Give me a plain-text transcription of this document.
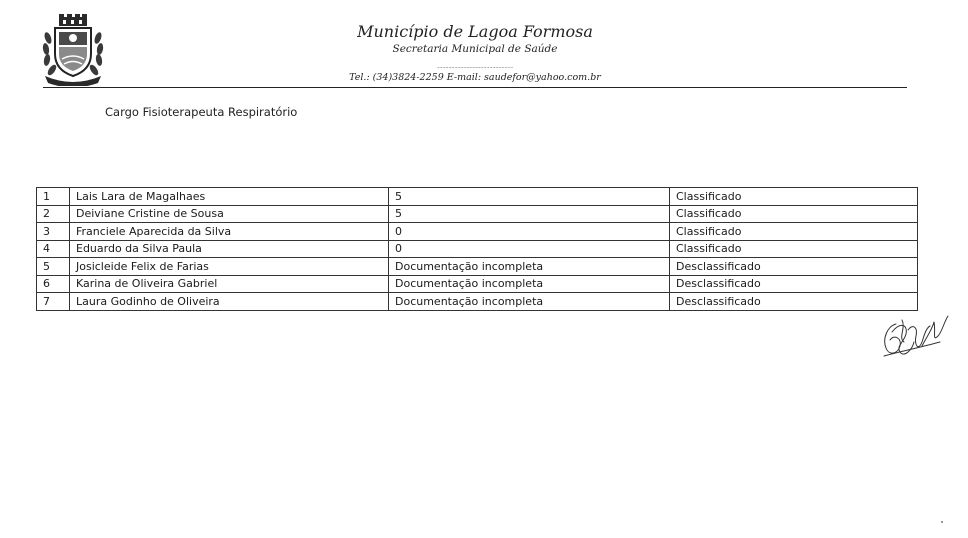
Município de Lagoa Formosa
Secretaria Municipal de Saúde
~~~~~~~~~~~~~~~~~~~~~~~~~~
Tel.: (34)3824-2259 E-mail: saudefor@yahoo.com.br
Cargo Fisioterapeuta Respiratório
1	Lais Lara de Magalhaes	5	Classificado
2	Deiviane Cristine de Sousa	5	Classificado
3	Franciele Aparecida da Silva	0	Classificado
4	Eduardo da Silva Paula	0	Classificado
5	Josicleide Felix de Farias	Documentação incompleta	Desclassificado
6	Karina de Oliveira Gabriel	Documentação incompleta	Desclassificado
7	Laura Godinho de Oliveira	Documentação incompleta	Desclassificado
